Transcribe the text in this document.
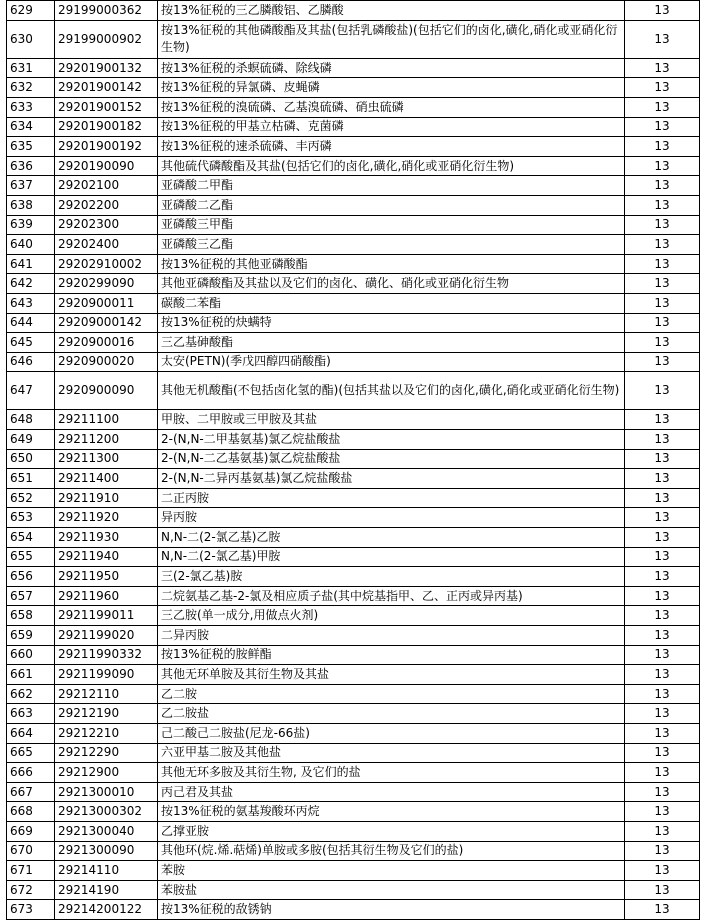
629	29199000362	按13%征税的三乙膦酸铝、乙膦酸	13
630	29199000902	按13%征税的其他磷酸酯及其盐(包括乳磷酸盐)(包括它们的卤化,磺化,硝化或亚硝化衍生物)	13
631	29201900132	按13%征税的杀螟硫磷、除线磷	13
632	29201900142	按13%征税的异氯磷、皮蝇磷	13
633	29201900152	按13%征税的溴硫磷、乙基溴硫磷、硝虫硫磷	13
634	29201900182	按13%征税的甲基立枯磷、克菌磷	13
635	29201900192	按13%征税的速杀硫磷、丰丙磷	13
636	2920190090	其他硫代磷酸酯及其盐(包括它们的卤化,磺化,硝化或亚硝化衍生物)	13
637	29202100	亚磷酸二甲酯	13
638	29202200	亚磷酸二乙酯	13
639	29202300	亚磷酸三甲酯	13
640	29202400	亚磷酸三乙酯	13
641	29202910002	按13%征税的其他亚磷酸酯	13
642	2920299090	其他亚磷酸酯及其盐以及它们的卤化、磺化、硝化或亚硝化衍生物	13
643	2920900011	碳酸二苯酯	13
644	29209000142	按13%征税的炔螨特	13
645	2920900016	三乙基砷酸酯	13
646	2920900020	太安(PETN)(季戊四醇四硝酸酯)	13
647	2920900090	其他无机酸酯(不包括卤化氢的酯)(包括其盐以及它们的卤化,磺化,硝化或亚硝化衍生物)	13
648	29211100	甲胺、二甲胺或三甲胺及其盐	13
649	29211200	2-(N,N-二甲基氨基)氯乙烷盐酸盐	13
650	29211300	2-(N,N-二乙基氨基)氯乙烷盐酸盐	13
651	29211400	2-(N,N-二异丙基氨基)氯乙烷盐酸盐	13
652	29211910	二正丙胺	13
653	29211920	异丙胺	13
654	29211930	N,N-二(2-氯乙基)乙胺	13
655	29211940	N,N-二(2-氯乙基)甲胺	13
656	29211950	三(2-氯乙基)胺	13
657	29211960	二烷氨基乙基-2-氯及相应质子盐(其中烷基指甲、乙、正丙或异丙基)	13
658	2921199011	三乙胺(单一成分,用做点火剂)	13
659	2921199020	二异丙胺	13
660	29211990332	按13%征税的胺鲜酯	13
661	2921199090	其他无环单胺及其衍生物及其盐	13
662	29212110	乙二胺	13
663	29212190	乙二胺盐	13
664	29212210	己二酸己二胺盐(尼龙-66盐)	13
665	29212290	六亚甲基二胺及其他盐	13
666	29212900	其他无环多胺及其衍生物, 及它们的盐	13
667	2921300010	丙己君及其盐	13
668	29213000302	按13%征税的氨基羧酸环丙烷	13
669	2921300040	乙撑亚胺	13
670	2921300090	其他环(烷.烯.萜烯)单胺或多胺(包括其衍生物及它们的盐)	13
671	29214110	苯胺	13
672	29214190	苯胺盐	13
673	29214200122	按13%征税的敌锈钠	13
